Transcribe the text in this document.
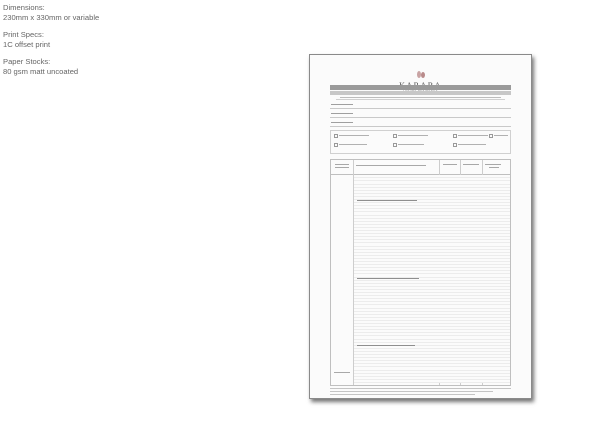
Dimensions:
230mm x 330mm or variable
Print Specs:
1C offset print
Paper Stocks:
80 gsm matt uncoated
